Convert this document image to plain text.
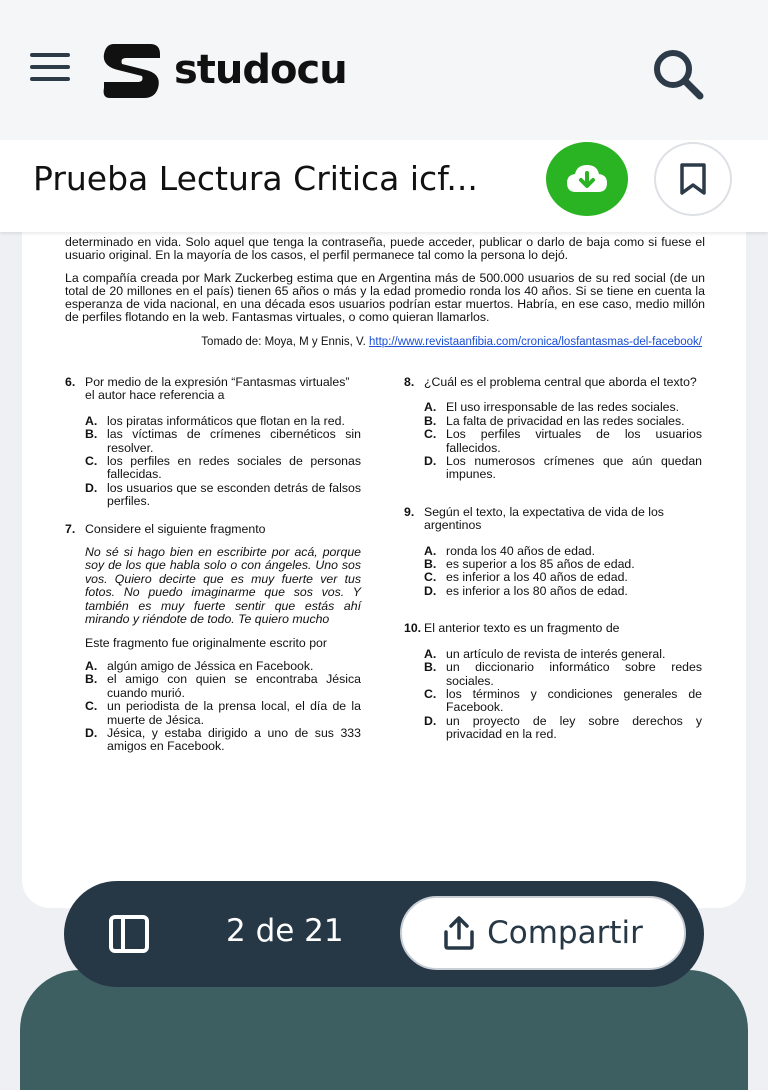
studocu
Prueba Lectura Critica icf...
determinado en vida. Solo aquel que tenga la contraseña, puede acceder, publicar o darlo de baja como si fuese el usuario original. En la mayoría de los casos, el perfil permanece tal como la persona lo dejó.
La compañía creada por Mark Zuckerbeg estima que en Argentina más de 500.000 usuarios de su red social (de un total de 20 millones en el país) tienen 65 años o más y la edad promedio ronda los 40 años. Si se tiene en cuenta la esperanza de vida nacional, en una década esos usuarios podrían estar muertos. Habría, en ese caso, medio millón de perfiles flotando en la web. Fantasmas virtuales, o como quieran llamarlos.
Tomado de: Moya, M y Ennis, V. http://www.revistaanfibia.com/cronica/losfantasmas-del-facebook/
6. Por medio de la expresión “Fantasmas virtuales” el autor hace referencia a
A. los piratas informáticos que flotan en la red.
B. las víctimas de crímenes cibernéticos sin resolver.
C. los perfiles en redes sociales de personas fallecidas.
D. los usuarios que se esconden detrás de falsos perfiles.
7. Considere el siguiente fragmento
No sé si hago bien en escribirte por acá, porque soy de los que habla solo o con ángeles. Uno sos vos. Quiero decirte que es muy fuerte ver tus fotos. No puedo imaginarme que sos vos. Y también es muy fuerte sentir que estás ahí mirando y riéndote de todo. Te quiero mucho
Este fragmento fue originalmente escrito por
A. algún amigo de Jéssica en Facebook.
B. el amigo con quien se encontraba Jésica cuando murió.
C. un periodista de la prensa local, el día de la muerte de Jésica.
D. Jésica, y estaba dirigido a uno de sus 333 amigos en Facebook.
8. ¿Cuál es el problema central que aborda el texto?
A. El uso irresponsable de las redes sociales.
B. La falta de privacidad en las redes sociales.
C. Los perfiles virtuales de los usuarios fallecidos.
D. Los numerosos crímenes que aún quedan impunes.
9. Según el texto, la expectativa de vida de los argentinos
A. ronda los 40 años de edad.
B. es superior a los 85 años de edad.
C. es inferior a los 40 años de edad.
D. es inferior a los 80 años de edad.
10. El anterior texto es un fragmento de
A. un artículo de revista de interés general.
B. un diccionario informático sobre redes sociales.
C. los términos y condiciones generales de Facebook.
D. un proyecto de ley sobre derechos y privacidad en la red.
2 de 21	Compartir
